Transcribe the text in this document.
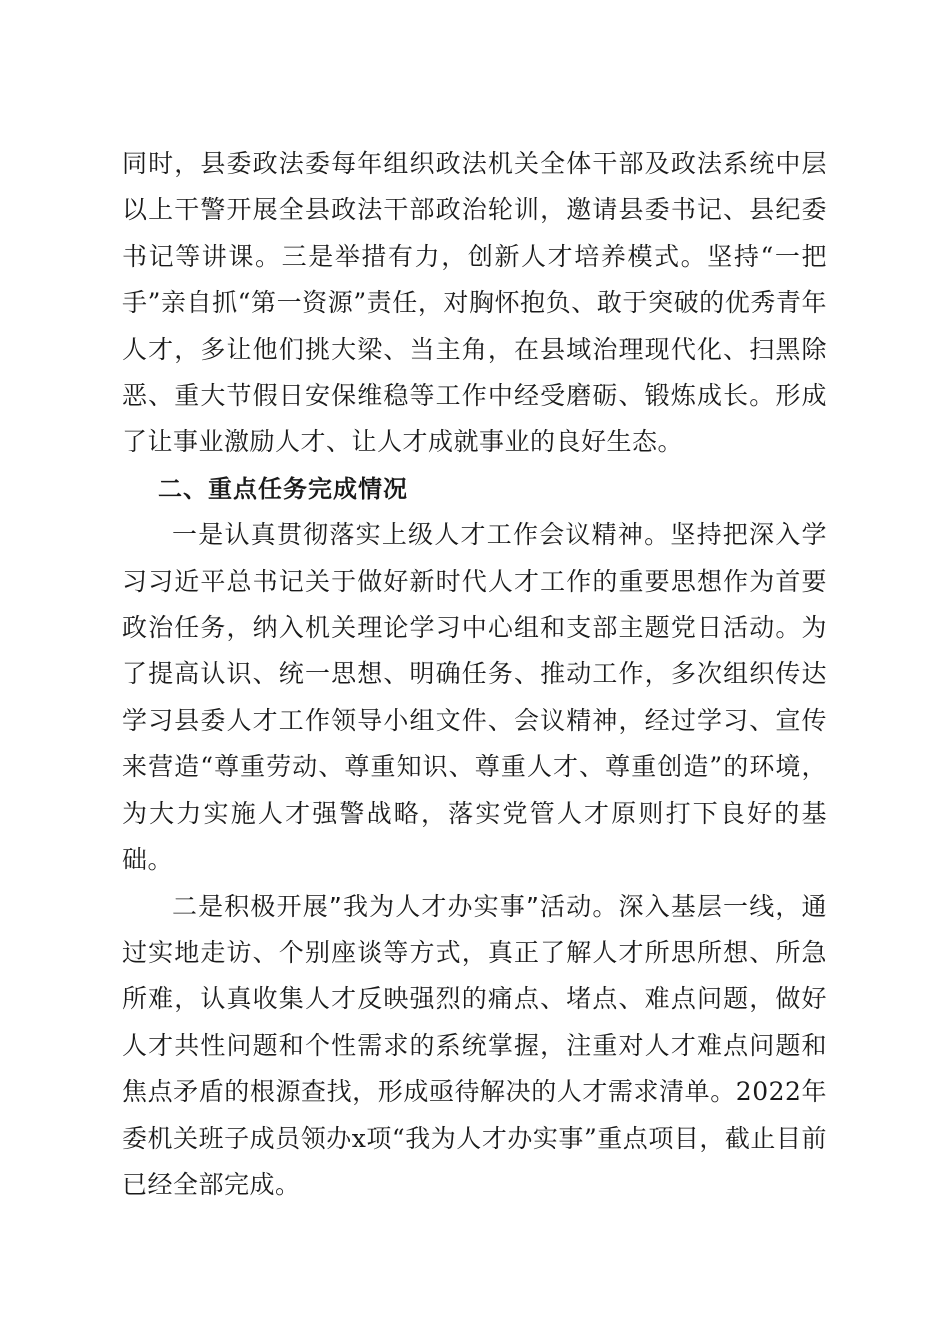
同时，县委政法委每年组织政法机关全体干部及政法系统中层以上干警开展全县政法干部政治轮训，邀请县委书记、县纪委书记等讲课。三是举措有力，创新人才培养模式。坚持“一把手”亲自抓“第一资源”责任，对胸怀抱负、敢于突破的优秀青年人才，多让他们挑大梁、当主角，在县域治理现代化、扫黑除恶、重大节假日安保维稳等工作中经受磨砺、锻炼成长。形成了让事业激励人才、让人才成就事业的良好生态。

二、重点任务完成情况

一是认真贯彻落实上级人才工作会议精神。坚持把深入学习习近平总书记关于做好新时代人才工作的重要思想作为首要政治任务，纳入机关理论学习中心组和支部主题党日活动。为了提高认识、统一思想、明确任务、推动工作，多次组织传达学习县委人才工作领导小组文件、会议精神，经过学习、宣传来营造“尊重劳动、尊重知识、尊重人才、尊重创造”的环境，为大力实施人才强警战略，落实党管人才原则打下良好的基础。

二是积极开展”我为人才办实事”活动。深入基层一线，通过实地走访、个别座谈等方式，真正了解人才所思所想、所急所难，认真收集人才反映强烈的痛点、堵点、难点问题，做好人才共性问题和个性需求的系统掌握，注重对人才难点问题和焦点矛盾的根源查找，形成亟待解决的人才需求清单。2022年委机关班子成员领办x项“我为人才办实事”重点项目，截止目前已经全部完成。
